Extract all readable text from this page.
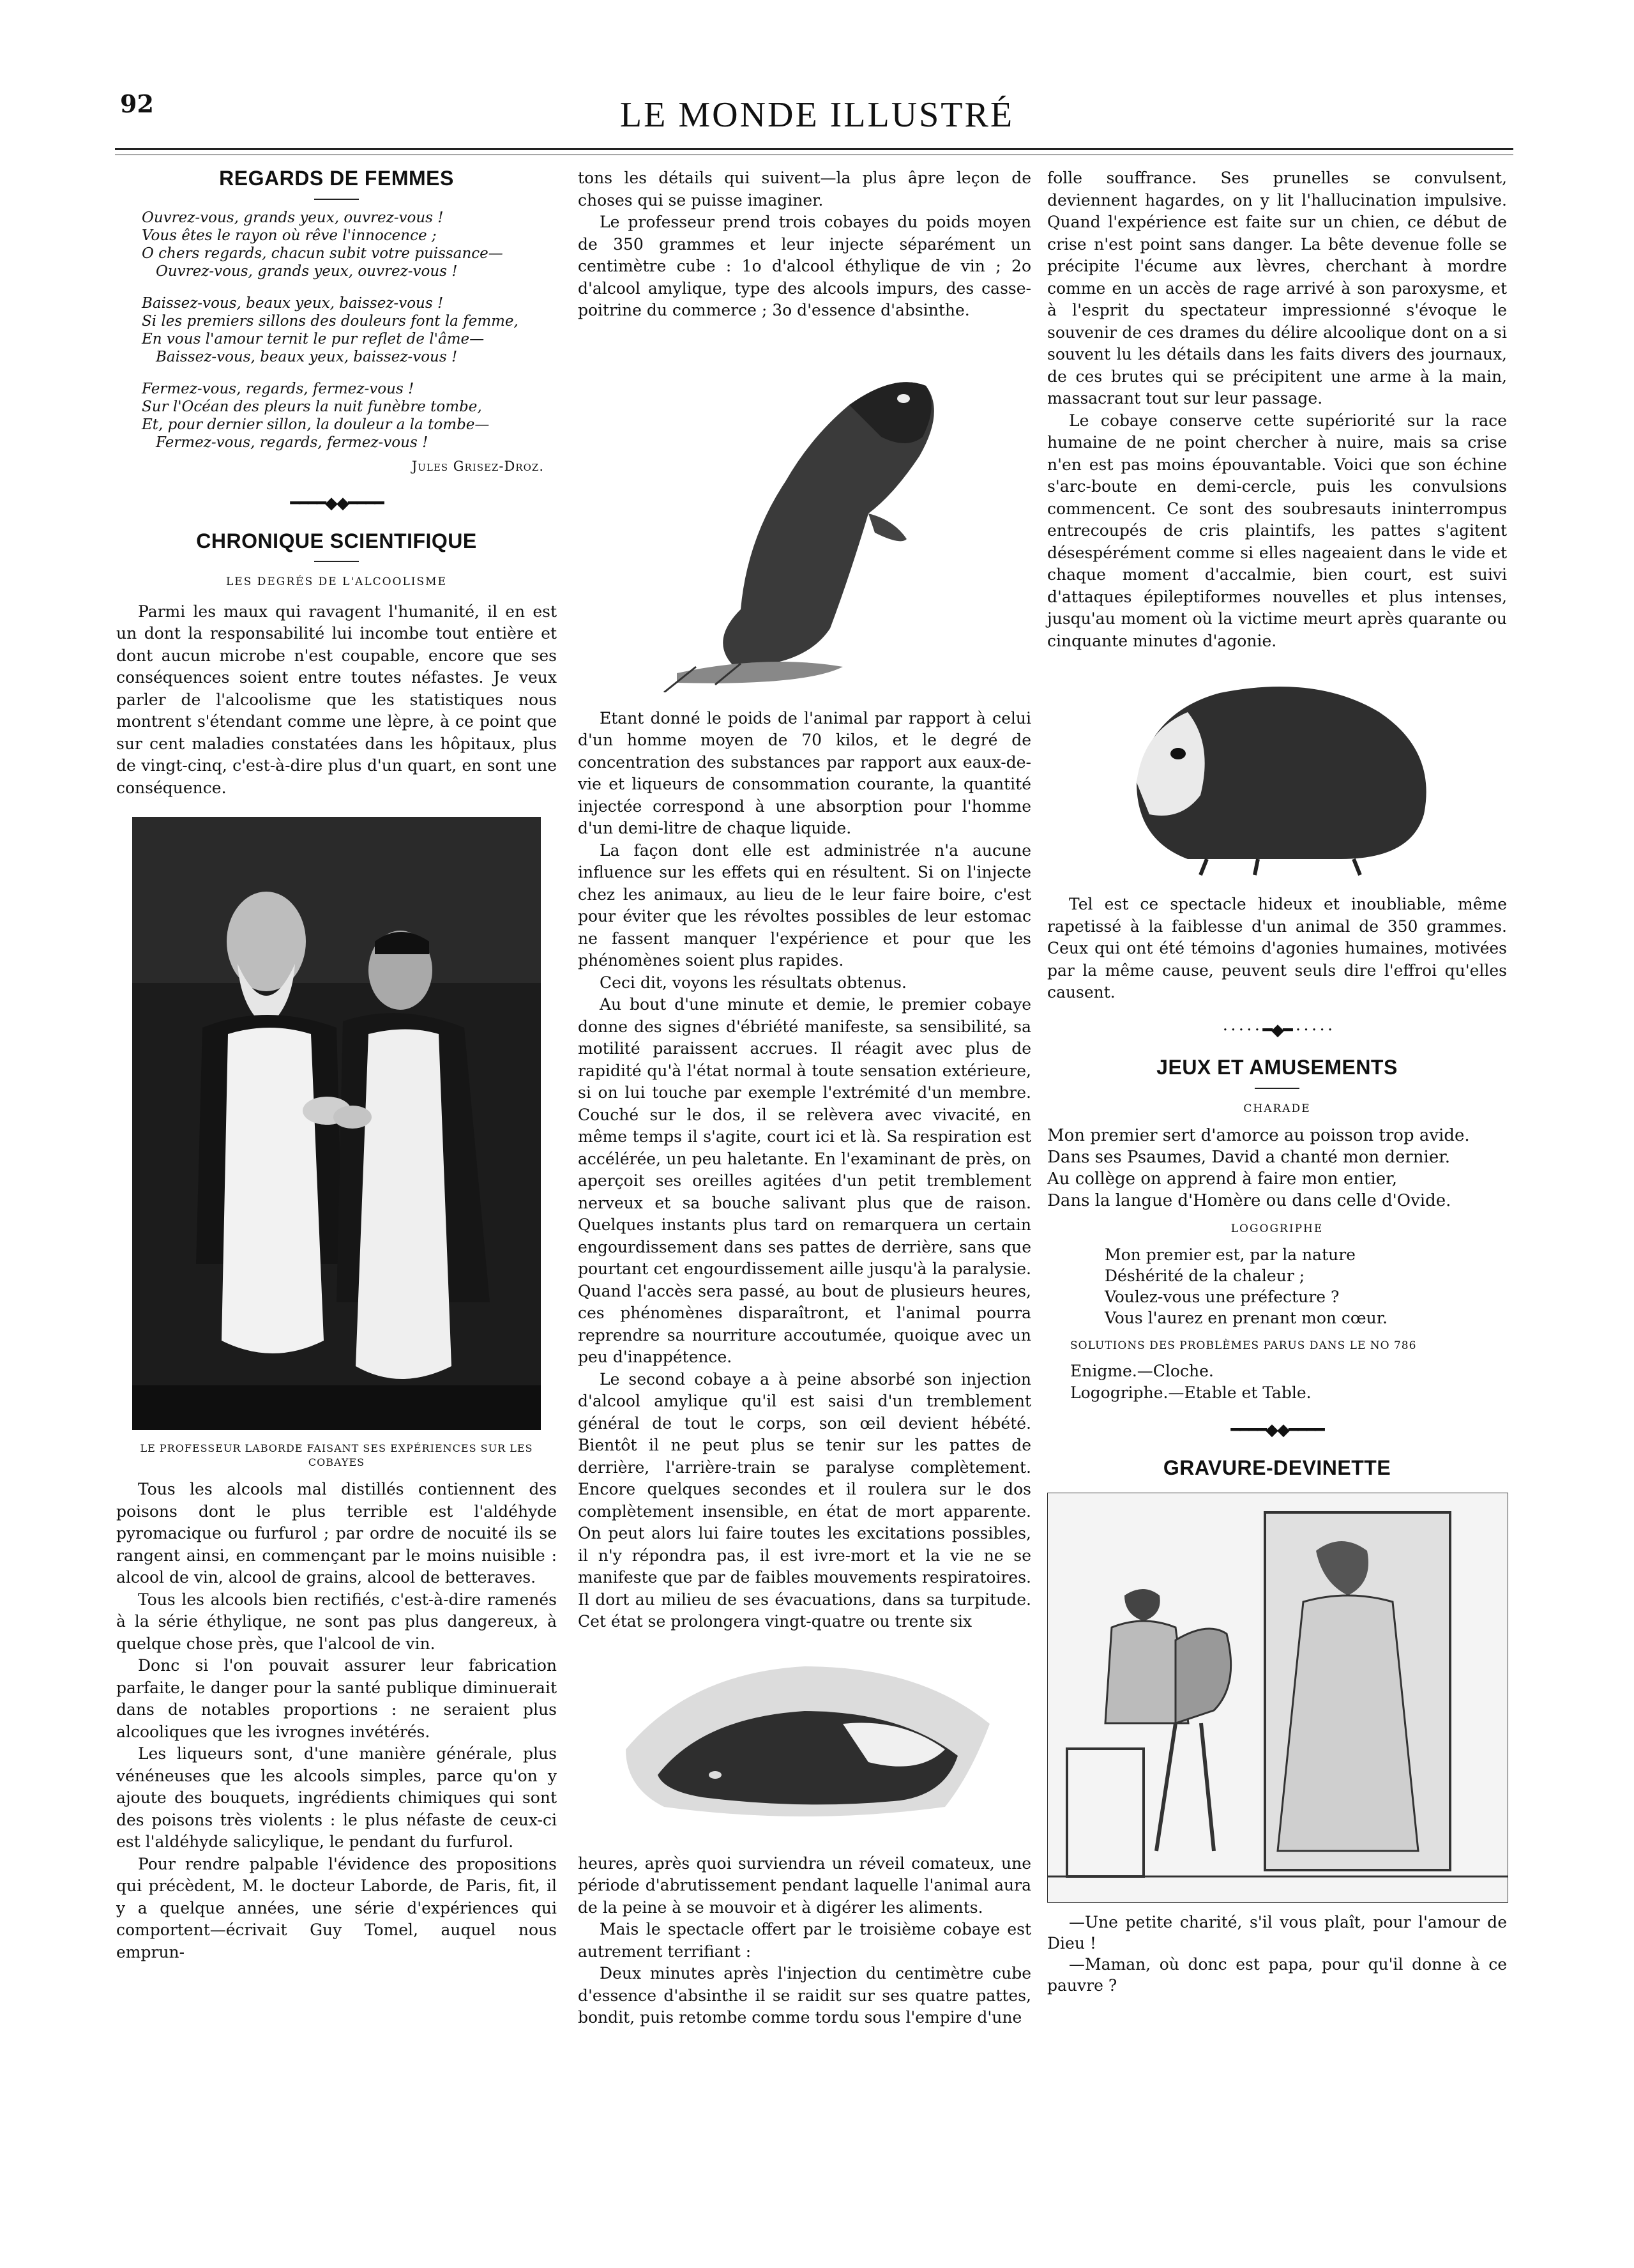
92	LE MONDE ILLUSTRÉ
REGARDS DE FEMMES
Ouvrez-vous, grands yeux, ouvrez-vous !
Vous êtes le rayon où rêve l'innocence ;
O chers regards, chacun subit votre puissance—
Ouvrez-vous, grands yeux, ouvrez-vous !
Baissez-vous, beaux yeux, baissez-vous !
Si les premiers sillons des douleurs font la femme,
En vous l'amour ternit le pur reflet de l'âme—
Baissez-vous, beaux yeux, baissez-vous !
Fermez-vous, regards, fermez-vous !
Sur l'Océan des pleurs la nuit funèbre tombe,
Et, pour dernier sillon, la douleur a la tombe—
Fermez-vous, regards, fermez-vous !
Jules Grisez-Droz.
━━━━◆◆━━━━
CHRONIQUE SCIENTIFIQUE
LES DEGRÉS DE L'ALCOOLISME

Parmi les maux qui ravagent l'humanité, il en est un dont la responsabilité lui incombe tout entière et dont aucun microbe n'est coupable, encore que ses conséquences soient entre toutes néfastes. Je veux parler de l'alcoolisme que les statistiques nous montrent s'étendant comme une lèpre, à ce point que sur cent maladies constatées dans les hôpitaux, plus de vingt-cinq, c'est-à-dire plus d'un quart, en sont une conséquence.

LE PROFESSEUR LABORDE FAISANT SES EXPÉRIENCES SUR LES COBAYES

Tous les alcools mal distillés contiennent des poisons dont le plus terrible est l'aldéhyde pyromacique ou furfurol ; par ordre de nocuité ils se rangent ainsi, en commençant par le moins nuisible : alcool de vin, alcool de grains, alcool de betteraves.

Tous les alcools bien rectifiés, c'est-à-dire ramenés à la série éthylique, ne sont pas plus dangereux, à quelque chose près, que l'alcool de vin.

Donc si l'on pouvait assurer leur fabrication parfaite, le danger pour la santé publique diminuerait dans de notables proportions : ne seraient plus alcooliques que les ivrognes invétérés.

Les liqueurs sont, d'une manière générale, plus vénéneuses que les alcools simples, parce qu'on y ajoute des bouquets, ingrédients chimiques qui sont des poisons très violents : le plus néfaste de ceux-ci est l'aldéhyde salicylique, le pendant du furfurol.

Pour rendre palpable l'évidence des propositions qui précèdent, M. le docteur Laborde, de Paris, fit, il y a quelque années, une série d'expériences qui comportent—écrivait Guy Tomel, auquel nous emprun-

tons les détails qui suivent—la plus âpre leçon de choses qui se puisse imaginer.

Le professeur prend trois cobayes du poids moyen de 350 grammes et leur injecte séparément un centimètre cube : 1o d'alcool éthylique de vin ; 2o d'alcool amylique, type des alcools impurs, des casse-poitrine du commerce ; 3o d'essence d'absinthe.

Etant donné le poids de l'animal par rapport à celui d'un homme moyen de 70 kilos, et le degré de concentration des substances par rapport aux eaux-de-vie et liqueurs de consommation courante, la quantité injectée correspond à une absorption pour l'homme d'un demi-litre de chaque liquide.

La façon dont elle est administrée n'a aucune influence sur les effets qui en résultent. Si on l'injecte chez les animaux, au lieu de le leur faire boire, c'est pour éviter que les révoltes possibles de leur estomac ne fassent manquer l'expérience et pour que les phénomènes soient plus rapides.

Ceci dit, voyons les résultats obtenus.

Au bout d'une minute et demie, le premier cobaye donne des signes d'ébriété manifeste, sa sensibilité, sa motilité paraissent accrues. Il réagit avec plus de rapidité qu'à l'état normal à toute sensation extérieure, si on lui touche par exemple l'extrémité d'un membre. Couché sur le dos, il se relèvera avec vivacité, en même temps il s'agite, court ici et là. Sa respiration est accélérée, un peu haletante. En l'examinant de près, on aperçoit ses oreilles agitées d'un petit tremblement nerveux et sa bouche salivant plus que de raison. Quelques instants plus tard on remarquera un certain engourdissement dans ses pattes de derrière, sans que pourtant cet engourdissement aille jusqu'à la paralysie. Quand l'accès sera passé, au bout de plusieurs heures, ces phénomènes disparaîtront, et l'animal pourra reprendre sa nourriture accoutumée, quoique avec un peu d'inappétence.

Le second cobaye a à peine absorbé son injection d'alcool amylique qu'il est saisi d'un tremblement général de tout le corps, son œil devient hébété. Bientôt il ne peut plus se tenir sur les pattes de derrière, l'arrière-train se paralyse complètement. Encore quelques secondes et il roulera sur le dos complètement insensible, en état de mort apparente. On peut alors lui faire toutes les excitations possibles, il n'y répondra pas, il est ivre-mort et la vie ne se manifeste que par de faibles mouvements respiratoires. Il dort au milieu de ses évacuations, dans sa turpitude. Cet état se prolongera vingt-quatre ou trente six

heures, après quoi surviendra un réveil comateux, une période d'abrutissement pendant laquelle l'animal aura de la peine à se mouvoir et à digérer les aliments.

Mais le spectacle offert par le troisième cobaye est autrement terrifiant :

Deux minutes après l'injection du centimètre cube d'essence d'absinthe il se raidit sur ses quatre pattes, bondit, puis retombe comme tordu sous l'empire d'une

folle souffrance. Ses prunelles se convulsent, deviennent hagardes, on y lit l'hallucination impulsive. Quand l'expérience est faite sur un chien, ce début de crise n'est point sans danger. La bête devenue folle se précipite l'écume aux lèvres, cherchant à mordre comme en un accès de rage arrivé à son paroxysme, et à l'esprit du spectateur impressionné s'évoque le souvenir de ces drames du délire alcoolique dont on a si souvent lu les détails dans les faits divers des journaux, de ces brutes qui se précipitent une arme à la main, massacrant tout sur leur passage.

Le cobaye conserve cette supériorité sur la race humaine de ne point chercher à nuire, mais sa crise n'en est pas moins épouvantable. Voici que son échine s'arc-boute en demi-cercle, puis les convulsions commencent. Ce sont des soubresauts ininterrompus entrecoupés de cris plaintifs, les pattes s'agitent désespérément comme si elles nageaient dans le vide et chaque moment d'accalmie, bien court, est suivi d'attaques épileptiformes nouvelles et plus intenses, jusqu'au moment où la victime meurt après quarante ou cinquante minutes d'agonie.

Tel est ce spectacle hideux et inoubliable, même rapetissé à la faiblesse d'un animal de 350 grammes. Ceux qui ont été témoins d'agonies humaines, motivées par la même cause, peuvent seuls dire l'effroi qu'elles causent.

· · · · · ━◆━ · · · · ·
JEUX ET AMUSEMENTS
CHARADE
Mon premier sert d'amorce au poisson trop avide.
Dans ses Psaumes, David a chanté mon dernier.
Au collège on apprend à faire mon entier,
Dans la langue d'Homère ou dans celle d'Ovide.
LOGOGRIPHE
Mon premier est, par la nature
Déshérité de la chaleur ;
Voulez-vous une préfecture ?
Vous l'aurez en prenant mon cœur.
SOLUTIONS DES PROBLÈMES PARUS DANS LE NO 786
Enigme.—Cloche.
Logogriphe.—Etable et Table.
━━━━◆◆━━━━
GRAVURE-DEVINETTE

—Une petite charité, s'il vous plaît, pour l'amour de Dieu !

—Maman, où donc est papa, pour qu'il donne à ce pauvre ?
